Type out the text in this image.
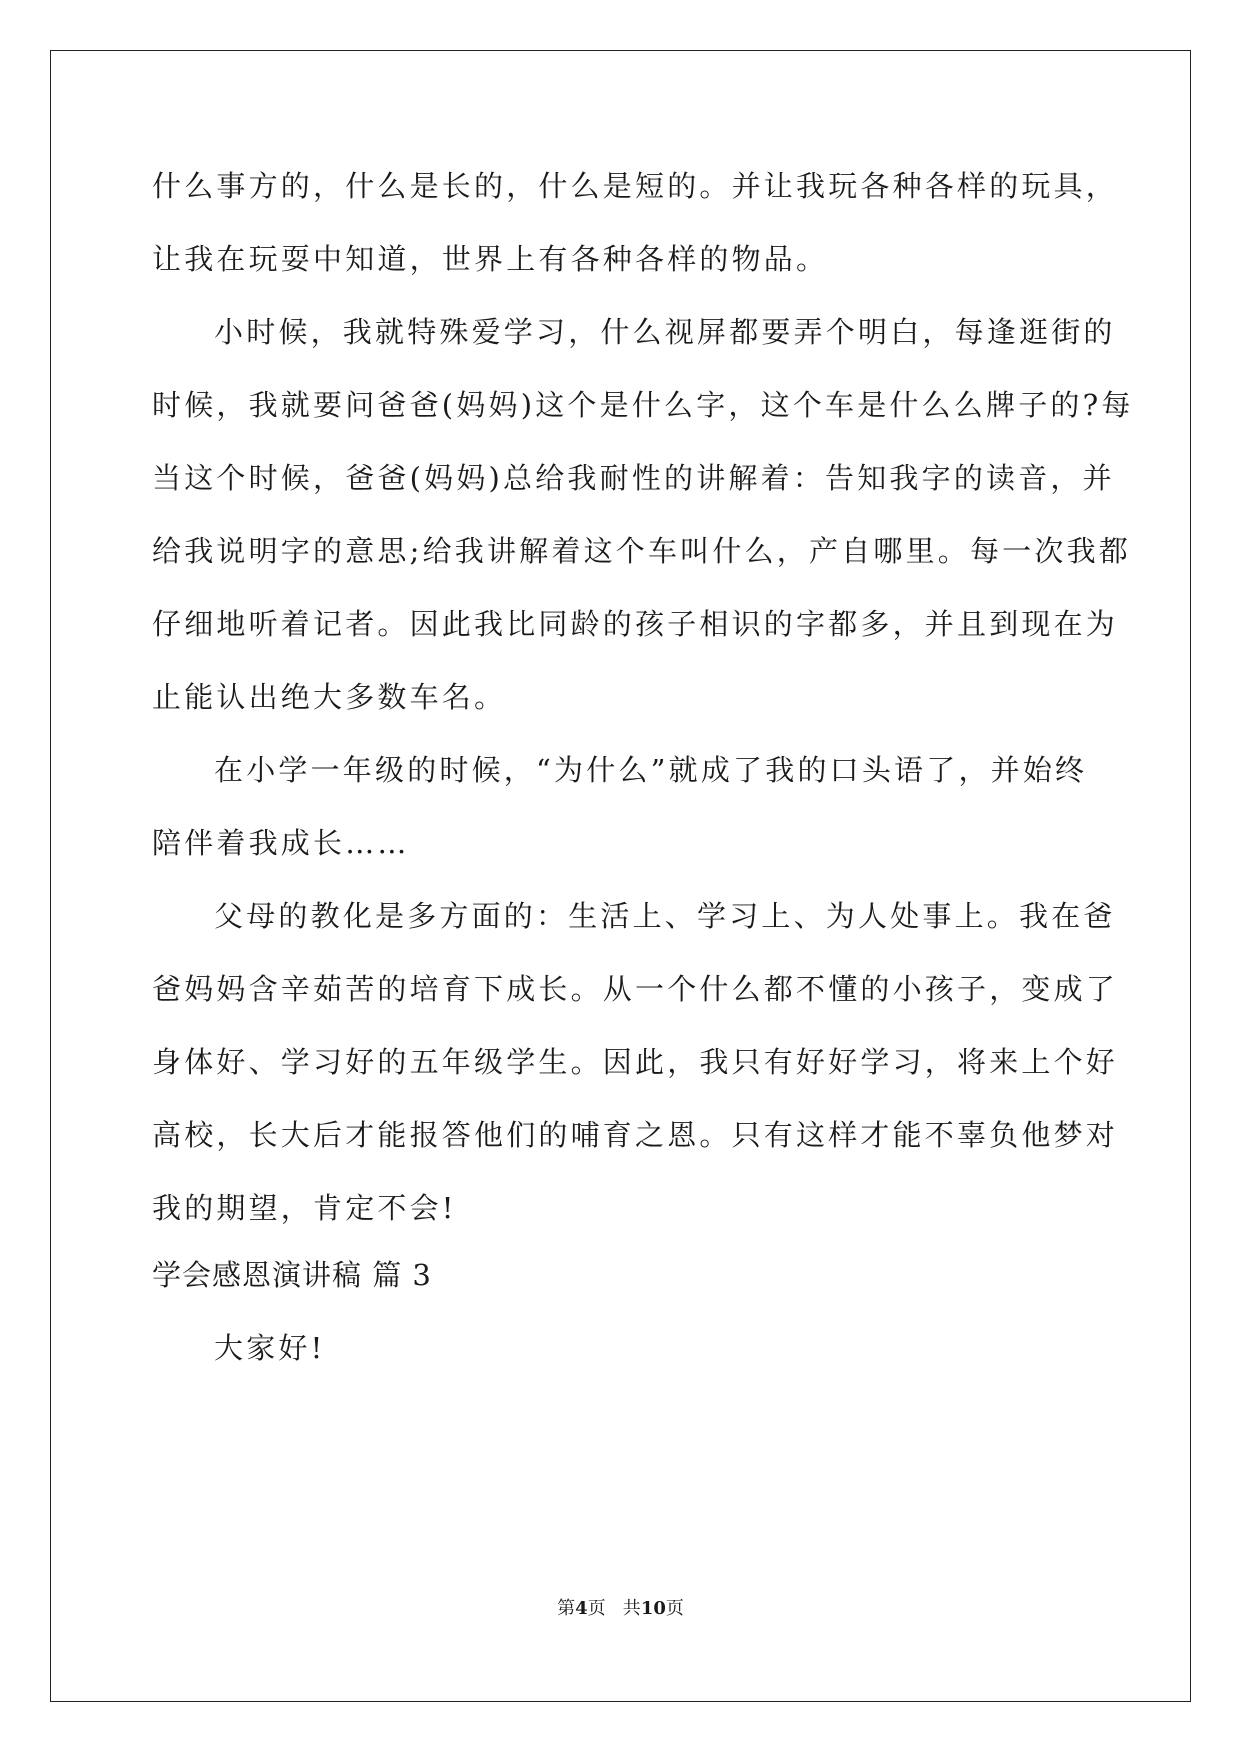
什么事方的，什么是长的，什么是短的。并让我玩各种各样的玩具，
让我在玩耍中知道，世界上有各种各样的物品。
小时候，我就特殊爱学习，什么视屏都要弄个明白，每逢逛街的
时候，我就要问爸爸(妈妈)这个是什么字，这个车是什么么牌子的?每
当这个时候，爸爸(妈妈)总给我耐性的讲解着：告知我字的读音，并
给我说明字的意思;给我讲解着这个车叫什么，产自哪里。每一次我都
仔细地听着记者。因此我比同龄的孩子相识的字都多，并且到现在为
止能认出绝大多数车名。
在小学一年级的时候，“为什么”就成了我的口头语了，并始终
陪伴着我成长……
父母的教化是多方面的：生活上、学习上、为人处事上。我在爸
爸妈妈含辛茹苦的培育下成长。从一个什么都不懂的小孩子，变成了
身体好、学习好的五年级学生。因此，我只有好好学习，将来上个好
高校，长大后才能报答他们的哺育之恩。只有这样才能不辜负他梦对
我的期望，肯定不会!
学会感恩演讲稿 篇 3
大家好!
第4页   共10页
